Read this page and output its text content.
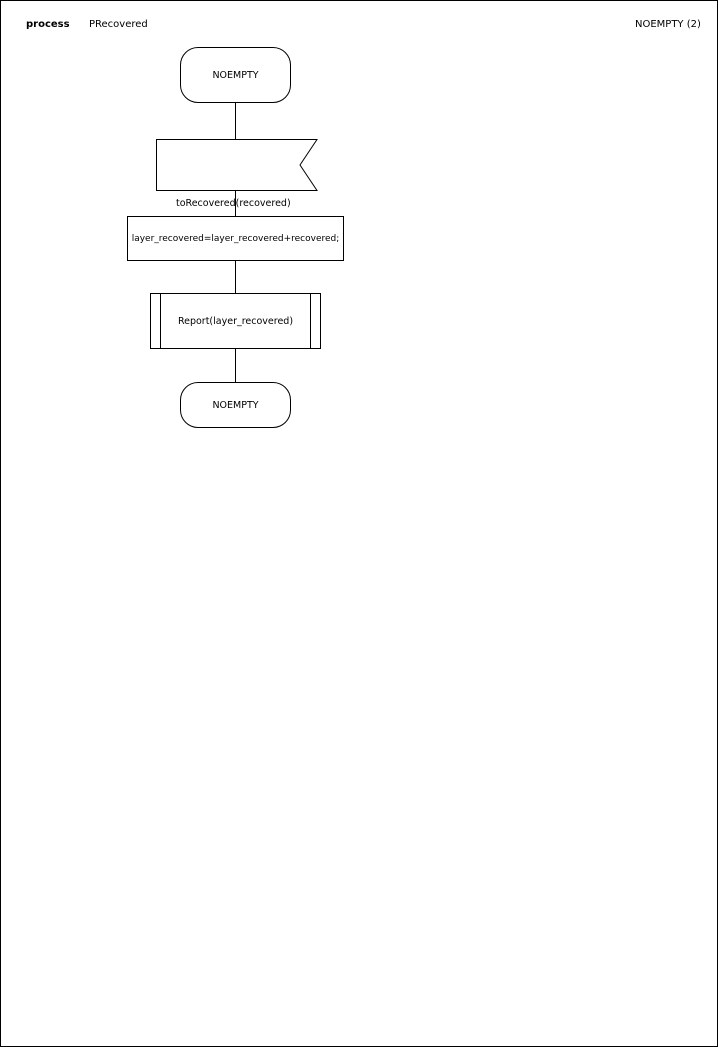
process PRecovered	NOEMPTY (2)
NOEMPTY
toRecovered(recovered)
layer_recovered=layer_recovered+recovered;
Report(layer_recovered)
NOEMPTY
